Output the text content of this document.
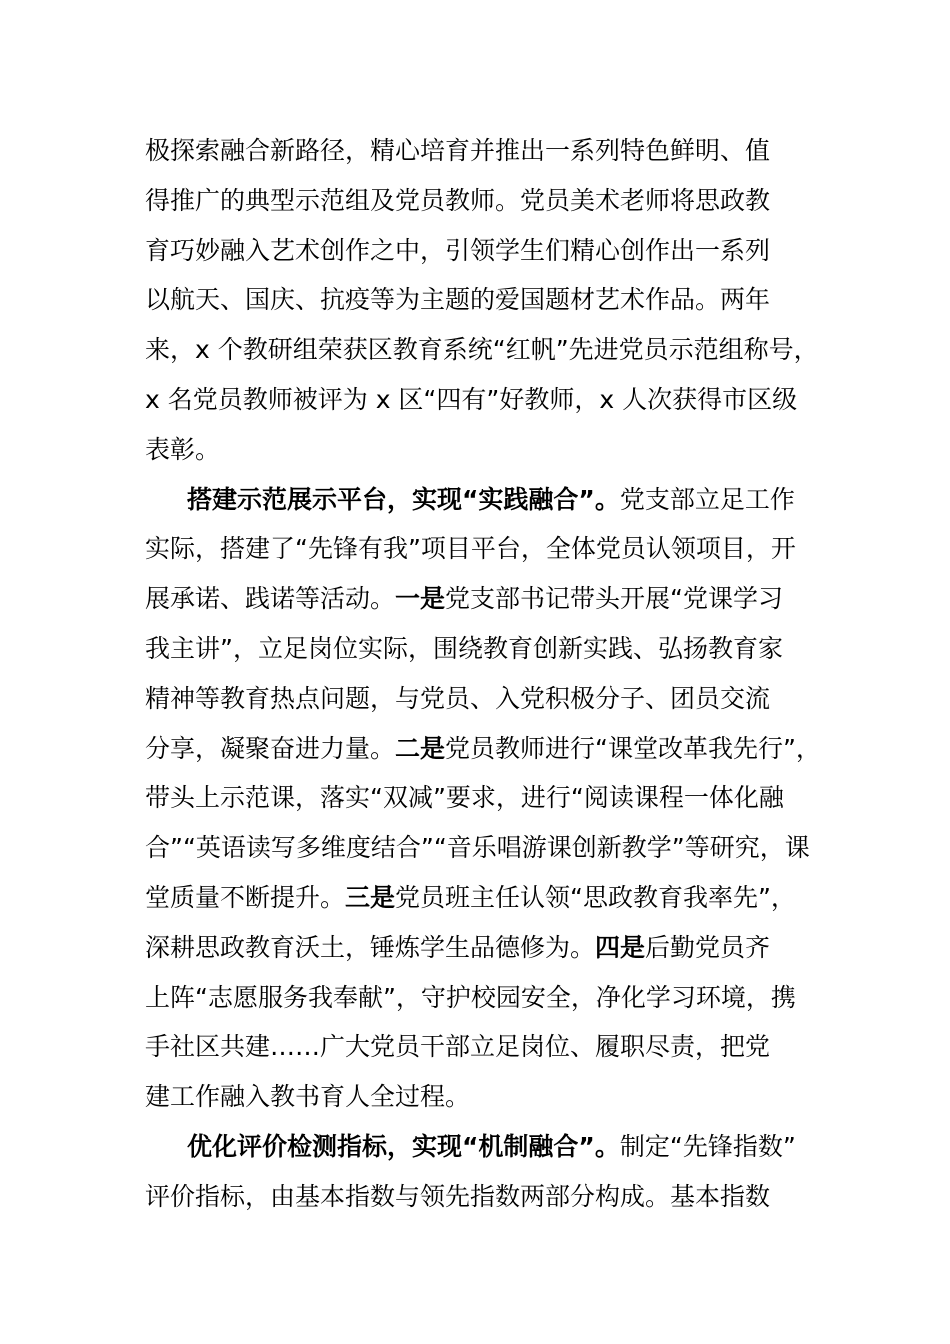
极探索融合新路径，精心培育并推出一系列特色鲜明、值
得推广的典型示范组及党员教师。党员美术老师将思政教
育巧妙融入艺术创作之中，引领学生们精心创作出一系列
以航天、国庆、抗疫等为主题的爱国题材艺术作品。两年
来，x 个教研组荣获区教育系统“红帆”先进党员示范组称号，
x 名党员教师被评为 x 区“四有”好教师，x 人次获得市区级
表彰。
搭建示范展示平台，实现“实践融合”。党支部立足工作
实际，搭建了“先锋有我”项目平台，全体党员认领项目，开
展承诺、践诺等活动。一是党支部书记带头开展“党课学习
我主讲”，立足岗位实际，围绕教育创新实践、弘扬教育家
精神等教育热点问题，与党员、入党积极分子、团员交流
分享，凝聚奋进力量。二是党员教师进行“课堂改革我先行”，
带头上示范课，落实“双减”要求，进行“阅读课程一体化融
合”“英语读写多维度结合”“音乐唱游课创新教学”等研究，课
堂质量不断提升。三是党员班主任认领“思政教育我率先”，
深耕思政教育沃土，锤炼学生品德修为。四是后勤党员齐
上阵“志愿服务我奉献”，守护校园安全，净化学习环境，携
手社区共建……广大党员干部立足岗位、履职尽责，把党
建工作融入教书育人全过程。
优化评价检测指标，实现“机制融合”。制定“先锋指数”
评价指标，由基本指数与领先指数两部分构成。基本指数
